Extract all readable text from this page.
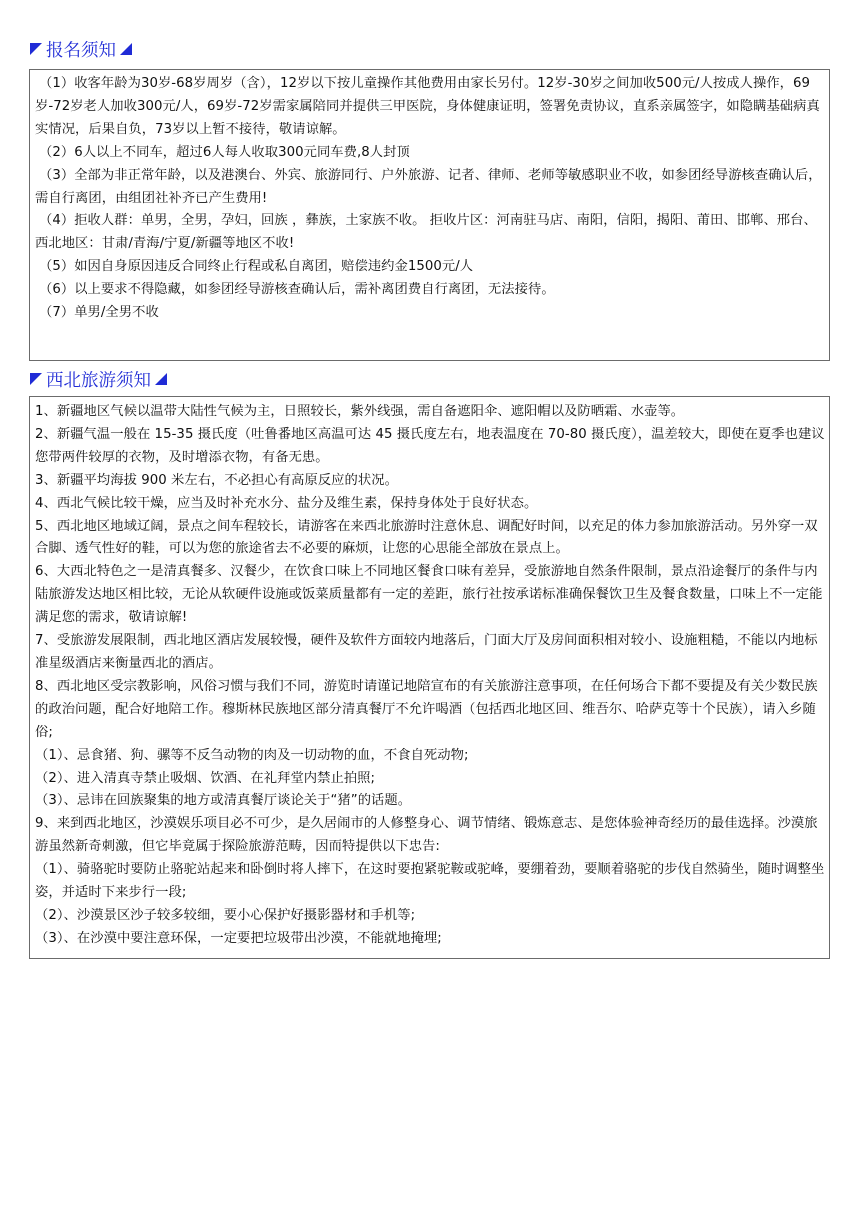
报名须知

（1）收客年龄为30岁-68岁周岁（含），12岁以下按儿童操作其他费用由家长另付。12岁-30岁之间加收500元/人按成人操作，69岁-72岁老人加收300元/人，69岁-72岁需家属陪同并提供三甲医院，身体健康证明，签署免责协议，直系亲属签字，如隐瞒基础病真实情况，后果自负，73岁以上暂不接待，敬请谅解。

（2）6人以上不同车，超过6人每人收取300元同车费,8人封顶

（3）全部为非正常年龄，以及港澳台、外宾、旅游同行、户外旅游、记者、律师、老师等敏感职业不收，如参团经导游核查确认后，需自行离团，由组团社补齐已产生费用!

（4）拒收人群：单男，全男，孕妇，回族 ，彝族，土家族不收。 拒收片区：河南驻马店、南阳，信阳，揭阳、莆田、邯郸、邢台、西北地区：甘肃/青海/宁夏/新疆等地区不收!

（5）如因自身原因违反合同终止行程或私自离团，赔偿违约金1500元/人

（6）以上要求不得隐藏，如参团经导游核查确认后，需补离团费自行离团，无法接待。

（7）单男/全男不收

西北旅游须知

1、新疆地区气候以温带大陆性气候为主，日照较长，紫外线强，需自备遮阳伞、遮阳帽以及防晒霜、水壶等。

2、新疆气温一般在 15-35 摄氏度（吐鲁番地区高温可达 45 摄氏度左右，地表温度在 70-80 摄氏度），温差较大，即使在夏季也建议您带两件较厚的衣物，及时增添衣物，有备无患。

3、新疆平均海拔 900 米左右，不必担心有高原反应的状况。

4、西北气候比较干燥，应当及时补充水分、盐分及维生素，保持身体处于良好状态。

5、西北地区地域辽阔，景点之间车程较长，请游客在来西北旅游时注意休息、调配好时间，以充足的体力参加旅游活动。另外穿一双合脚、透气性好的鞋，可以为您的旅途省去不必要的麻烦，让您的心思能全部放在景点上。

6、大西北特色之一是清真餐多、汉餐少，在饮食口味上不同地区餐食口味有差异，受旅游地自然条件限制，景点沿途餐厅的条件与内陆旅游发达地区相比较，无论从软硬件设施或饭菜质量都有一定的差距，旅行社按承诺标准确保餐饮卫生及餐食数量，口味上不一定能满足您的需求，敬请谅解!

7、受旅游发展限制，西北地区酒店发展较慢，硬件及软件方面较内地落后，门面大厅及房间面积相对较小、设施粗糙，不能以内地标准星级酒店来衡量西北的酒店。

8、西北地区受宗教影响，风俗习惯与我们不同，游览时请谨记地陪宣布的有关旅游注意事项，在任何场合下都不要提及有关少数民族的政治问题，配合好地陪工作。穆斯林民族地区部分清真餐厅不允许喝酒（包括西北地区回、维吾尔、哈萨克等十个民族），请入乡随俗;

（1）、忌食猪、狗、骡等不反刍动物的肉及一切动物的血，不食自死动物;

（2）、进入清真寺禁止吸烟、饮酒、在礼拜堂内禁止拍照;

（3）、忌讳在回族聚集的地方或清真餐厅谈论关于“猪”的话题。

9、来到西北地区，沙漠娱乐项目必不可少，是久居闹市的人修整身心、调节情绪、锻炼意志、是您体验神奇经历的最佳选择。沙漠旅游虽然新奇刺激，但它毕竟属于探险旅游范畴，因而特提供以下忠告:

（1）、骑骆驼时要防止骆驼站起来和卧倒时将人摔下，在这时要抱紧驼鞍或驼峰，要绷着劲，要顺着骆驼的步伐自然骑坐，随时调整坐姿，并适时下来步行一段;

（2）、沙漠景区沙子较多较细，要小心保护好摄影器材和手机等;

（3）、在沙漠中要注意环保，一定要把垃圾带出沙漠，不能就地掩埋;
